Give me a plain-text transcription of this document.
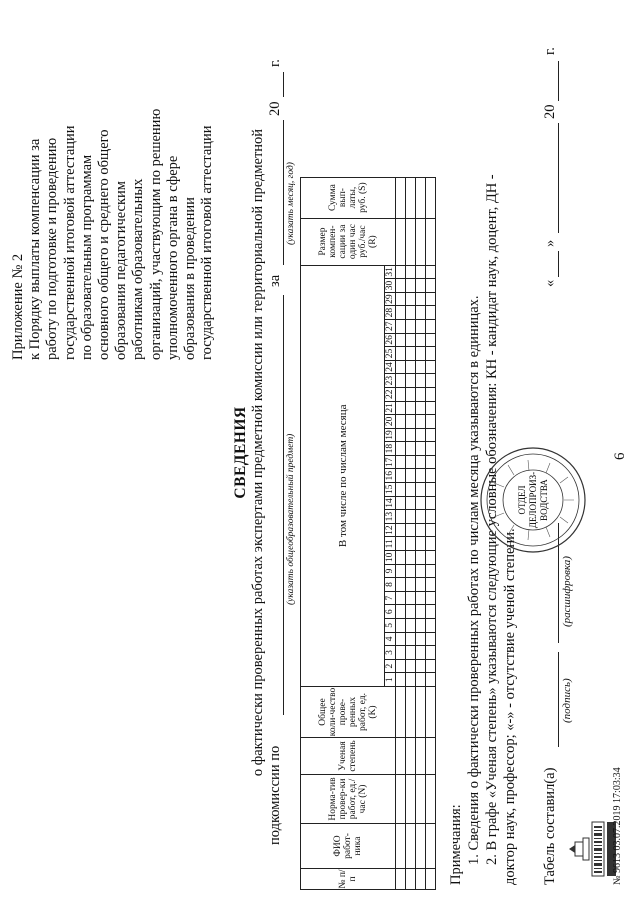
6
Приложение № 2 к Порядку выплаты компенсации за работу по подготовке и проведению государственной итоговой аттестации по образовательным программам основного общего и среднего общего образования педагогическим работникам образовательных организаций, участвующим по решению уполномоченного органа в сфере образования в проведении государственной итоговой аттестации
СВЕДЕНИЯ о фактически проверенных работах экспертами предметной комиссии или территориальной предметной
подкомиссии по
(указать общеобразовательный предмет)
за
(указать месяц, год)
20
г.
№ п/п	ФИО работ-ника	Норма-тив провер-ки работ, ед./час (N)	Ученая степень	Общее коли-чество прове-ренных работ, ед. (K)	В том числе по числам месяца																															Размер компен-сации за один час руб./час (R)	Сумма вып-латы, руб. (S)
					1	2	3	4	5	6	7	8	9	10	11	12	13	14	15	16	17	18	19	20	21	22	23	24	25	26	27	28	29	30	31		

Примечания: 1. Сведения о фактически проверенных работах по числам месяца указываются в единицах. 2. В графе «Ученая степень» указываются следующие условные обозначения: КН - кандидат наук, доцент, ДН - доктор наук, профессор; «-» - отсутствие ученой степени. Табель составил(а)
(подпись)
(расшифровка)
«
»
20
г.
ОТДЕЛ ДЕЛОПРОИЗ- ВОДСТВА
№ 9613 03.07.2019 17:03:34
